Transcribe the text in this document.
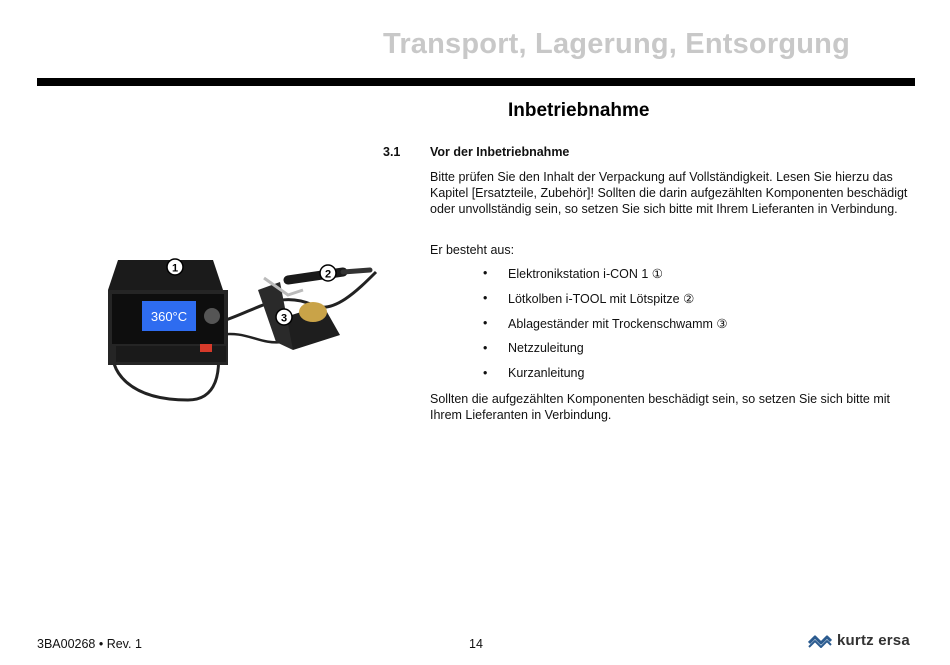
Transport, Lagerung, Entsorgung
Inbetriebnahme
3.1 Vor der Inbetriebnahme
Bitte prüfen Sie den Inhalt der Verpackung auf Vollständigkeit. Lesen Sie hierzu das Kapitel [Ersatzteile, Zubehör]! Sollten die darin aufgezählten Komponenten beschädigt oder unvollständig sein, so setzen Sie sich bitte mit Ihrem Lieferanten in Verbindung.
Er besteht aus:
•	Elektronikstation i-CON 1 ①
•	Lötkolben i-TOOL mit Lötspitze ②
•	Ablageständer mit Trockenschwamm ③
•	Netzzuleitung
•	Kurzanleitung
Sollten die aufgezählten Komponenten beschädigt sein, so setzen Sie sich bitte mit Ihrem Lieferanten in Verbindung.
360°C
1	2
3
3BA00268 • Rev. 1	14	kurtz ersa
